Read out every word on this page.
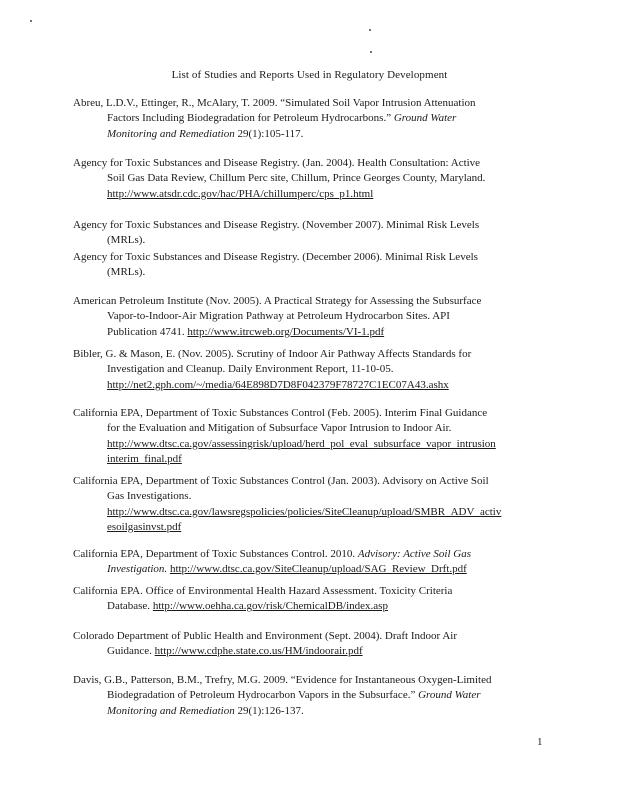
List of Studies and Reports Used in Regulatory Development
Abreu, L.D.V., Ettinger, R., McAlary, T. 2009. “Simulated Soil Vapor Intrusion Attenuation
Factors Including Biodegradation for Petroleum Hydrocarbons.” Ground Water
Monitoring and Remediation 29(1):105-117.
Agency for Toxic Substances and Disease Registry. (Jan. 2004). Health Consultation: Active
Soil Gas Data Review, Chillum Perc site, Chillum, Prince Georges County, Maryland.
http://www.atsdr.cdc.gov/hac/PHA/chillumperc/cps_p1.html
Agency for Toxic Substances and Disease Registry. (November 2007). Minimal Risk Levels
(MRLs).
Agency for Toxic Substances and Disease Registry. (December 2006). Minimal Risk Levels
(MRLs).
American Petroleum Institute (Nov. 2005). A Practical Strategy for Assessing the Subsurface
Vapor-to-Indoor-Air Migration Pathway at Petroleum Hydrocarbon Sites. API
Publication 4741. http://www.itrcweb.org/Documents/VI-1.pdf
Bibler, G. & Mason, E. (Nov. 2005). Scrutiny of Indoor Air Pathway Affects Standards for
Investigation and Cleanup. Daily Environment Report, 11-10-05.
http://net2.gph.com/~/media/64E898D7D8F042379F78727C1EC07A43.ashx
California EPA, Department of Toxic Substances Control (Feb. 2005). Interim Final Guidance
for the Evaluation and Mitigation of Subsurface Vapor Intrusion to Indoor Air.
http://www.dtsc.ca.gov/assessingrisk/upload/herd_pol_eval_subsurface_vapor_intrusion
interim_final.pdf
California EPA, Department of Toxic Substances Control (Jan. 2003). Advisory on Active Soil
Gas Investigations.
http://www.dtsc.ca.gov/lawsregspolicies/policies/SiteCleanup/upload/SMBR_ADV_activ
esoilgasinvst.pdf
California EPA, Department of Toxic Substances Control. 2010. Advisory: Active Soil Gas
Investigation. http://www.dtsc.ca.gov/SiteCleanup/upload/SAG_Review_Drft.pdf
California EPA. Office of Environmental Health Hazard Assessment. Toxicity Criteria
Database. http://www.oehha.ca.gov/risk/ChemicalDB/index.asp
Colorado Department of Public Health and Environment (Sept. 2004). Draft Indoor Air
Guidance. http://www.cdphe.state.co.us/HM/indoorair.pdf
Davis, G.B., Patterson, B.M., Trefry, M.G. 2009. “Evidence for Instantaneous Oxygen-Limited
Biodegradation of Petroleum Hydrocarbon Vapors in the Subsurface.” Ground Water
Monitoring and Remediation 29(1):126-137.
1
